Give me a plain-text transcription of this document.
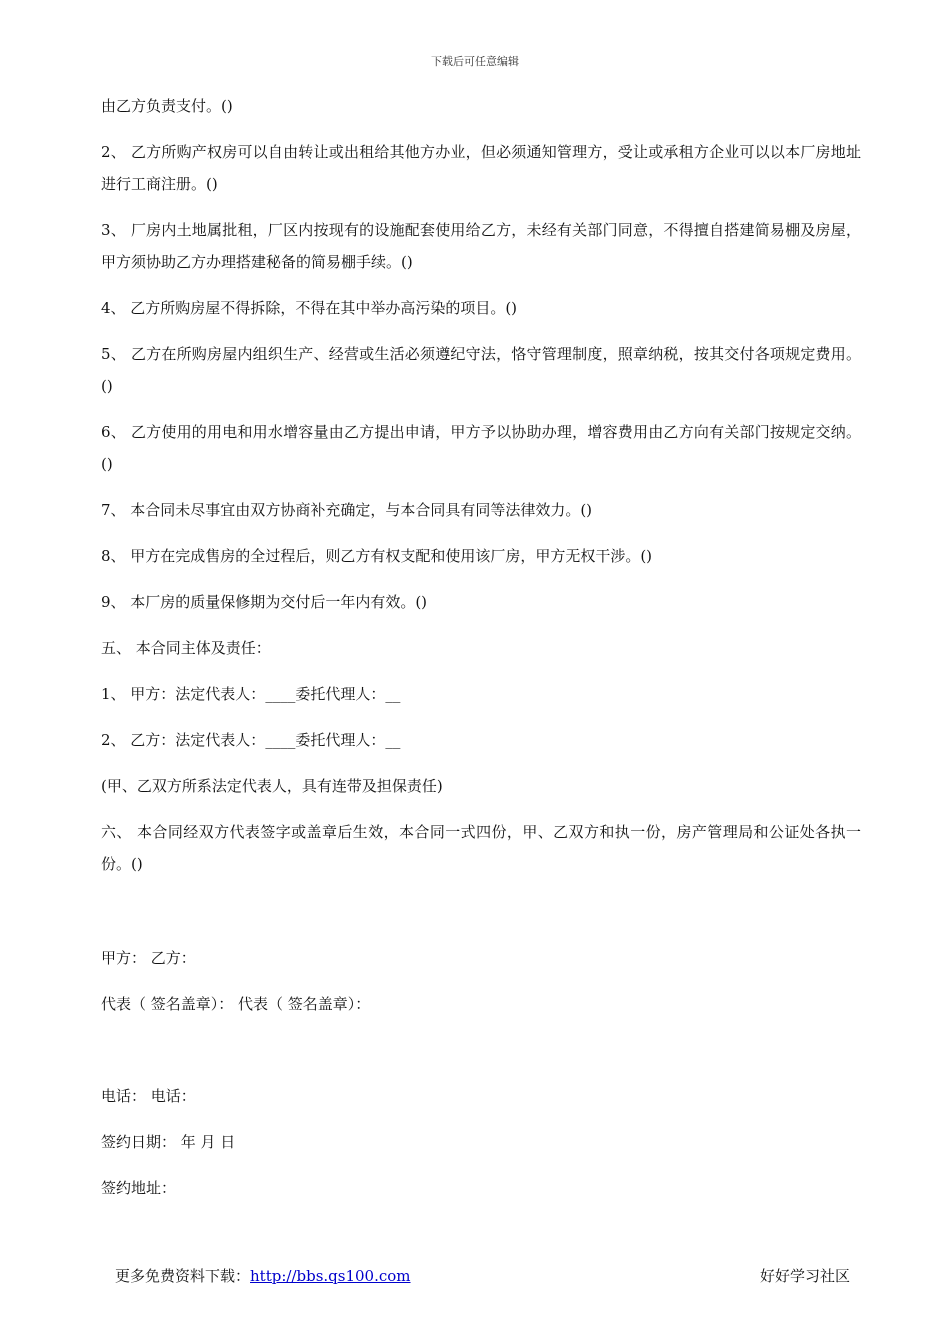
下载后可任意编辑

由乙方负责支付。()

2、 乙方所购产权房可以自由转让或出租给其他方办业，但必须通知管理方，受让或承租方企业可以以本厂房地址进行工商注册。()

3、 厂房内土地属批租，厂区内按现有的设施配套使用给乙方，未经有关部门同意，不得擅自搭建简易棚及房屋，甲方须协助乙方办理搭建秘备的简易棚手续。()

4、 乙方所购房屋不得拆除，不得在其中举办高污染的项目。()

5、 乙方在所购房屋内组织生产、经营或生活必须遵纪守法，恪守管理制度，照章纳税，按其交付各项规定费用。()

6、 乙方使用的用电和用水增容量由乙方提出申请，甲方予以协助办理，增容费用由乙方向有关部门按规定交纳。()

7、 本合同未尽事宜由双方协商补充确定，与本合同具有同等法律效力。()

8、 甲方在完成售房的全过程后，则乙方有权支配和使用该厂房，甲方无权干涉。()

9、 本厂房的质量保修期为交付后一年内有效。()

五、 本合同主体及责任：

1、 甲方：法定代表人：____委托代理人：__

2、 乙方：法定代表人：____委托代理人：__

(甲、乙双方所系法定代表人，具有连带及担保责任)

六、 本合同经双方代表签字或盖章后生效，本合同一式四份，甲、乙双方和执一份，房产管理局和公证处各执一份。()

甲方： 乙方：

代表（ 签名盖章）： 代表（ 签名盖章）：

电话： 电话：

签约日期： 年 月 日

签约地址：

更多免费资料下载：http://bbs.qs100.com	好好学习社区
